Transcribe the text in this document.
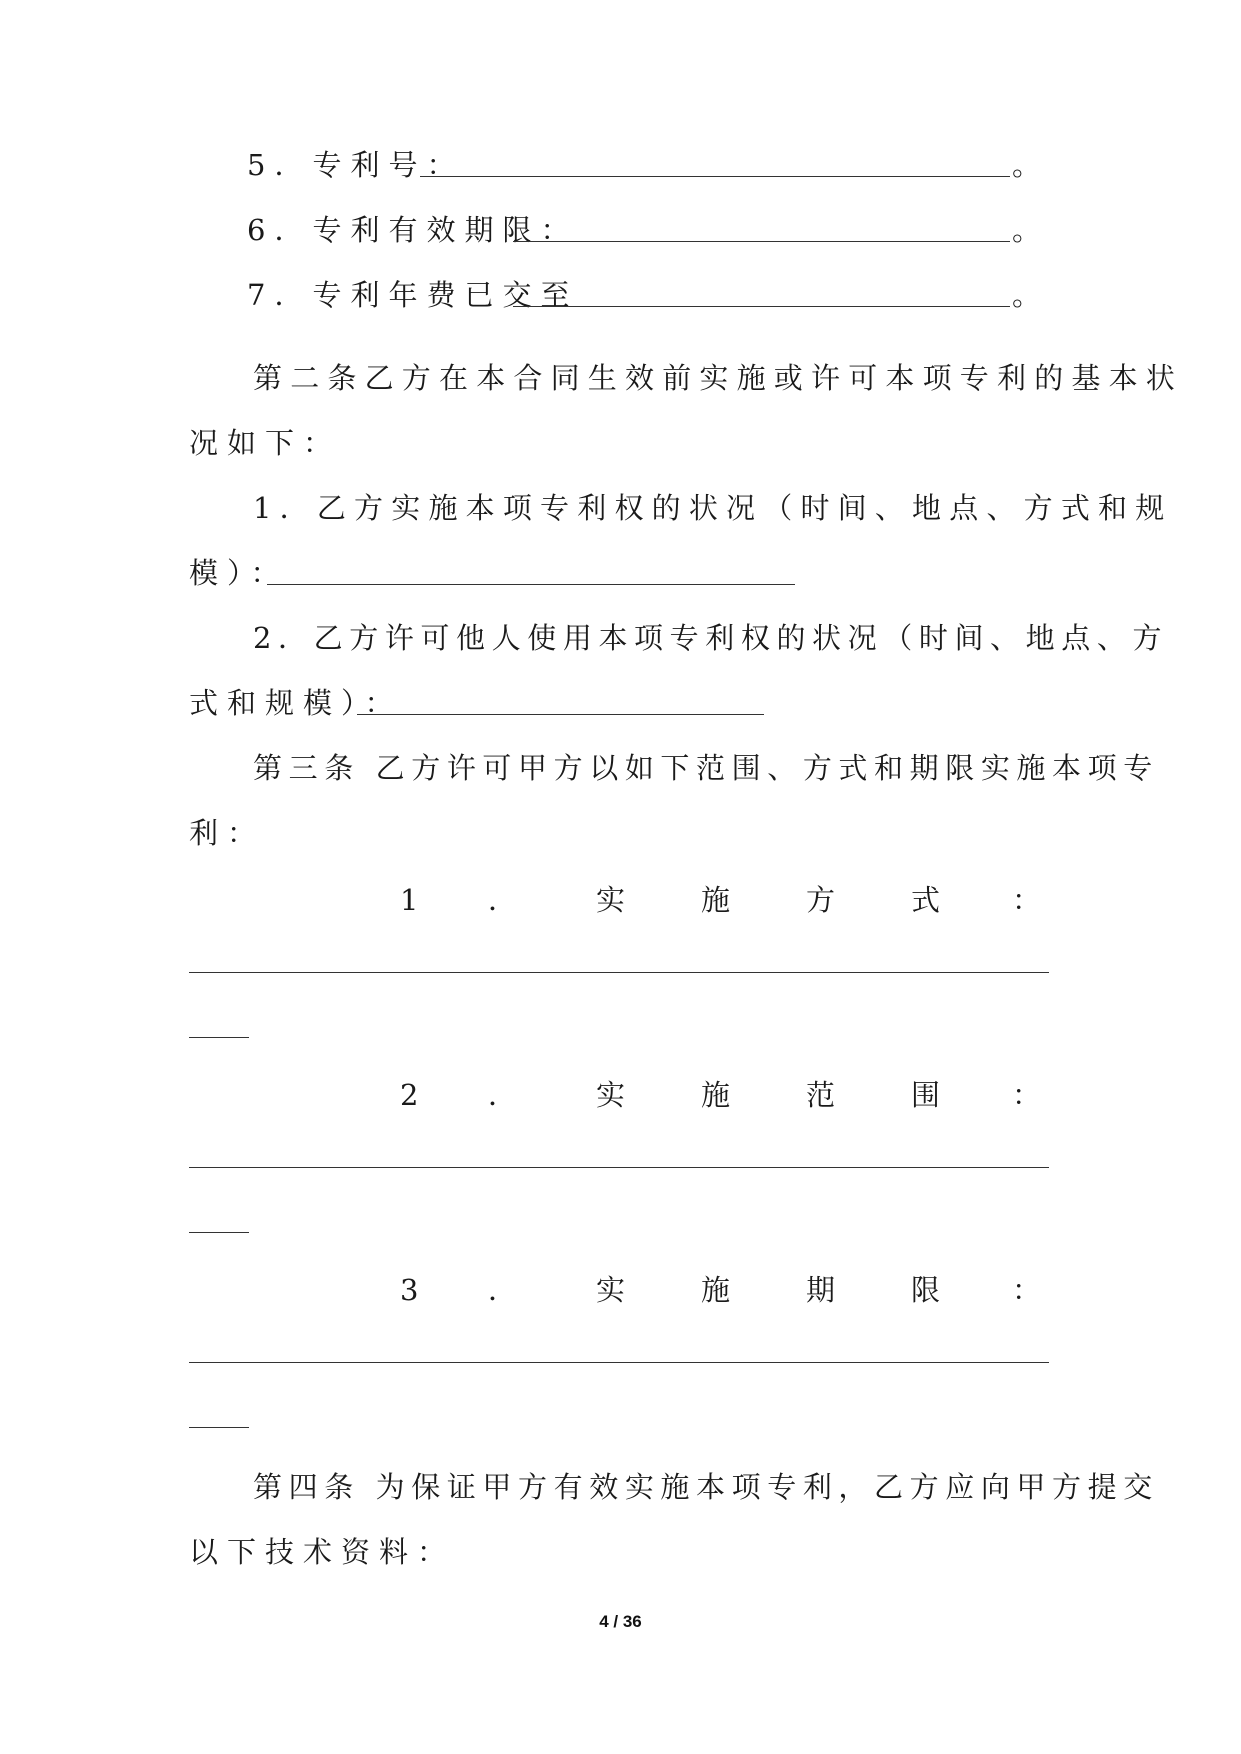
5．专利号：	。
6．专利有效期限：	。
7．专利年费已交至	。
第二条乙方在本合同生效前实施或许可本项专利的基本状
况如下：
1．乙方实施本项专利权的状况（时间、地点、方式和规
模）：
2．乙方许可他人使用本项专利权的状况（时间、地点、方
式和规模）：
第三条 乙方许可甲方以如下范围、方式和期限实施本项专
利：
1 ．	实	施	方	式 ：
2 ．	实	施	范	围 ：
3 ．	实	施	期	限 ：
第四条 为保证甲方有效实施本项专利，乙方应向甲方提交
以下技术资料：
4 / 36
